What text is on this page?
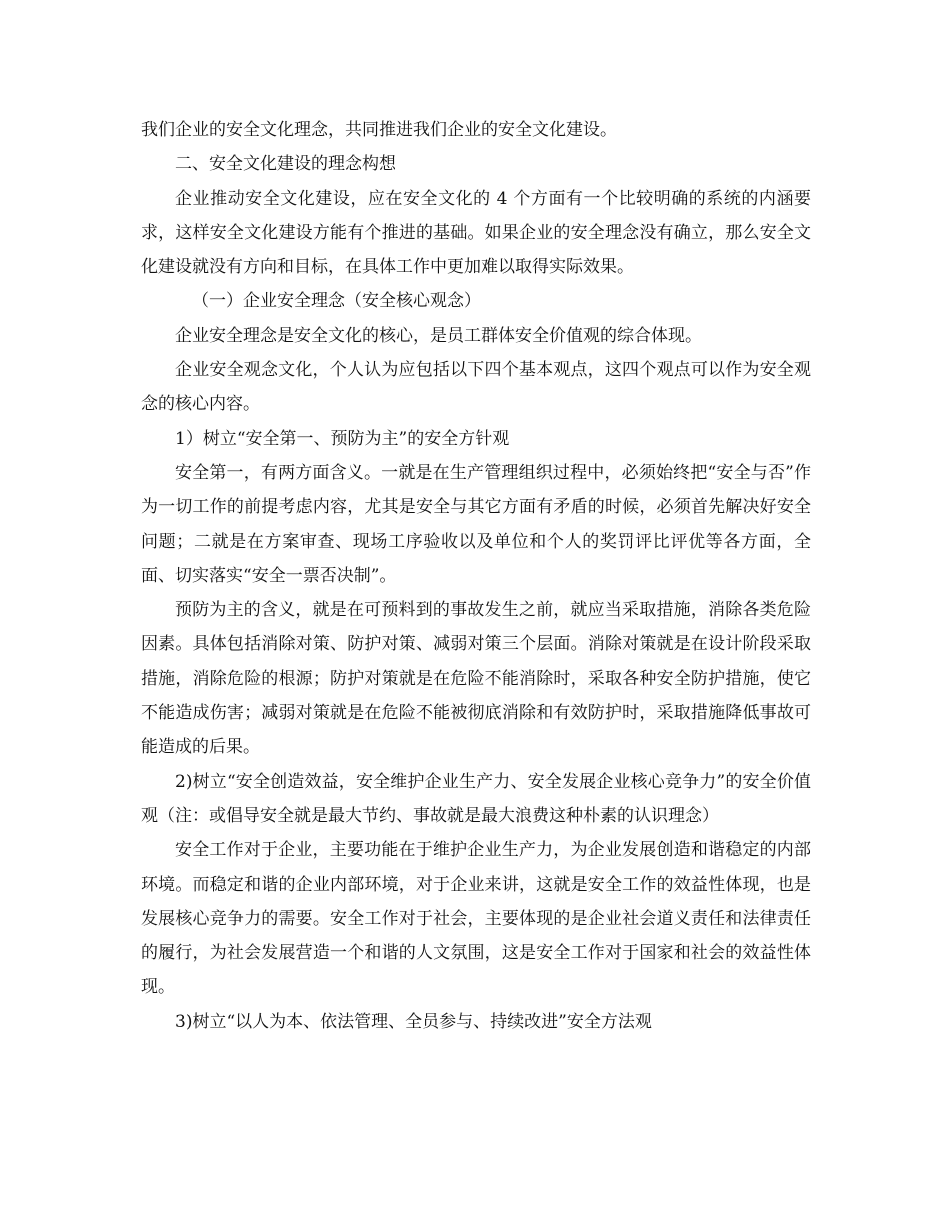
我们企业的安全文化理念，共同推进我们企业的安全文化建设。

二、安全文化建设的理念构想

企业推动安全文化建设，应在安全文化的 4 个方面有一个比较明确的系统的内涵要求，这样安全文化建设方能有个推进的基础。如果企业的安全理念没有确立，那么安全文化建设就没有方向和目标，在具体工作中更加难以取得实际效果。

（一）企业安全理念（安全核心观念）

企业安全理念是安全文化的核心，是员工群体安全价值观的综合体现。

企业安全观念文化，个人认为应包括以下四个基本观点，这四个观点可以作为安全观念的核心内容。

1）树立“安全第一、预防为主”的安全方针观

安全第一，有两方面含义。一就是在生产管理组织过程中，必须始终把“安全与否”作为一切工作的前提考虑内容，尤其是安全与其它方面有矛盾的时候，必须首先解决好安全问题；二就是在方案审查、现场工序验收以及单位和个人的奖罚评比评优等各方面，全面、切实落实“安全一票否决制”。

预防为主的含义，就是在可预料到的事故发生之前，就应当采取措施，消除各类危险因素。具体包括消除对策、防护对策、减弱对策三个层面。消除对策就是在设计阶段采取措施，消除危险的根源；防护对策就是在危险不能消除时，采取各种安全防护措施，使它不能造成伤害；减弱对策就是在危险不能被彻底消除和有效防护时，采取措施降低事故可能造成的后果。

2)树立“安全创造效益，安全维护企业生产力、安全发展企业核心竞争力”的安全价值观（注：或倡导安全就是最大节约、事故就是最大浪费这种朴素的认识理念）

安全工作对于企业，主要功能在于维护企业生产力，为企业发展创造和谐稳定的内部环境。而稳定和谐的企业内部环境，对于企业来讲，这就是安全工作的效益性体现，也是发展核心竞争力的需要。安全工作对于社会，主要体现的是企业社会道义责任和法律责任的履行，为社会发展营造一个和谐的人文氛围，这是安全工作对于国家和社会的效益性体现。

3)树立“以人为本、依法管理、全员参与、持续改进”安全方法观
